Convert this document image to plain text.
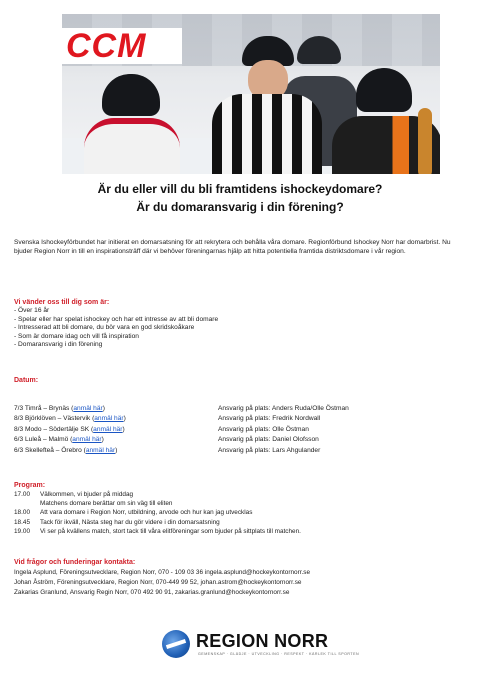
CCM
Är du eller vill du bli framtidens ishockeydomare?
Är du domaransvarig i din förening?

Svenska Ishockeyförbundet har initierat en domarsatsning för att rekrytera och behålla våra domare. Regionförbund Ishockey Norr har domarbrist. Nu bjuder Region Norr in till en inspirationsträff där vi behöver föreningarnas hjälp att hitta potentiella framtida distriktsdomare i vår region.

Vi vänder oss till dig som är:
- Över 16 år
- Spelar eller har spelat ishockey och har ett intresse av att bli domare
- Intresserad att bli domare, du bör vara en god skridskoåkare
- Som är domare idag och vill få inspiration
- Domaransvarig i din förening
Datum:
7/3 Timrå – Brynäs (anmäl här)	Ansvarig på plats: Anders Ruda/Olle Östman
8/3 Björklöven – Västervik (anmäl här)	Ansvarig på plats: Fredrik Nordwall
8/3 Modo – Södertälje SK (anmäl här)	Ansvarig på plats: Olle Östman
6/3 Luleå – Malmö (anmäl här)	Ansvarig på plats: Daniel Olofsson
6/3 Skellefteå – Örebro (anmäl här)	Ansvarig på plats: Lars Ahgulander
Program:
17.00 Välkommen, vi bjuder på middag
Matchens domare berättar om sin väg till eliten
18.00 Att vara domare i Region Norr, utbildning, arvode och hur kan jag utvecklas
18.45 Tack för ikväll, Nästa steg har du gör videre i din domarsatsning
19.00 Vi ser på kvällens match, stort tack till våra elitföreningar som bjuder på sittplats till matchen.
Vid frågor och funderingar kontakta:
Ingela Asplund, Föreningsutvecklare, Region Norr, 070 - 109 03 36 ingela.asplund@hockeykontornorr.se
Johan Åström, Föreningsutvecklare, Region Norr, 070-449 99 52, johan.astrom@hockeykontornorr.se
Zakarias Granlund, Ansvarig Regin Norr, 070 492 90 91, zakarias.granlund@hockeykontornorr.se
REGION NORR
GEMENSKAP · GLÄDJE · UTVECKLING · RESPEKT · KÄRLEK TILL SPORTEN
